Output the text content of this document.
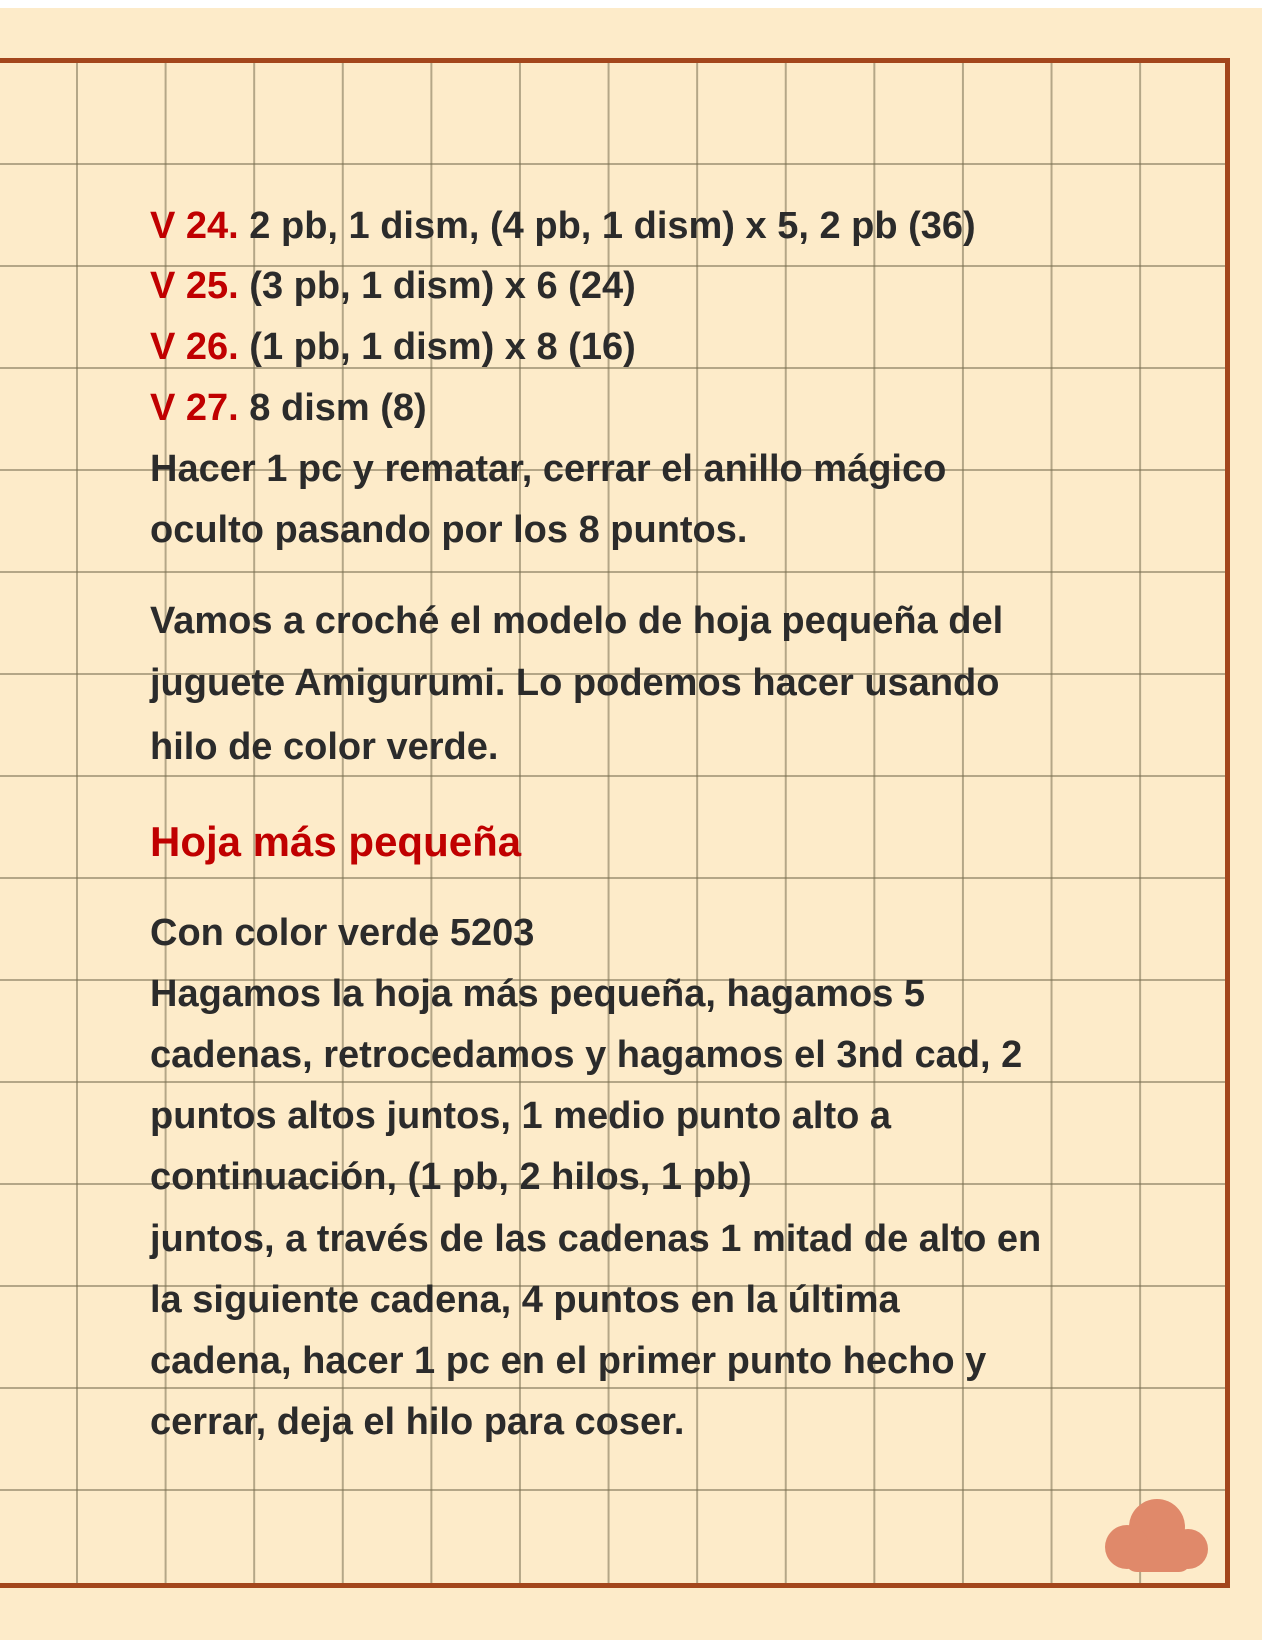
V 24. 2 pb, 1 dism, (4 pb, 1 dism) x 5, 2 pb (36)
V 25. (3 pb, 1 dism) x 6 (24)
V 26. (1 pb, 1 dism) x 8 (16)
V 27. 8 dism (8)
Hacer 1 pc y rematar, cerrar el anillo mágico
oculto pasando por los 8 puntos.
Vamos a croché el modelo de hoja pequeña del
juguete Amigurumi. Lo podemos hacer usando
hilo de color verde.
Hoja más pequeña
Con color verde 5203
Hagamos la hoja más pequeña, hagamos 5
cadenas, retrocedamos y hagamos el 3nd cad, 2
puntos altos juntos, 1 medio punto alto a
continuación, (1 pb, 2 hilos, 1 pb)
juntos, a través de las cadenas 1 mitad de alto en
la siguiente cadena, 4 puntos en la última
cadena, hacer 1 pc en el primer punto hecho y
cerrar, deja el hilo para coser.
